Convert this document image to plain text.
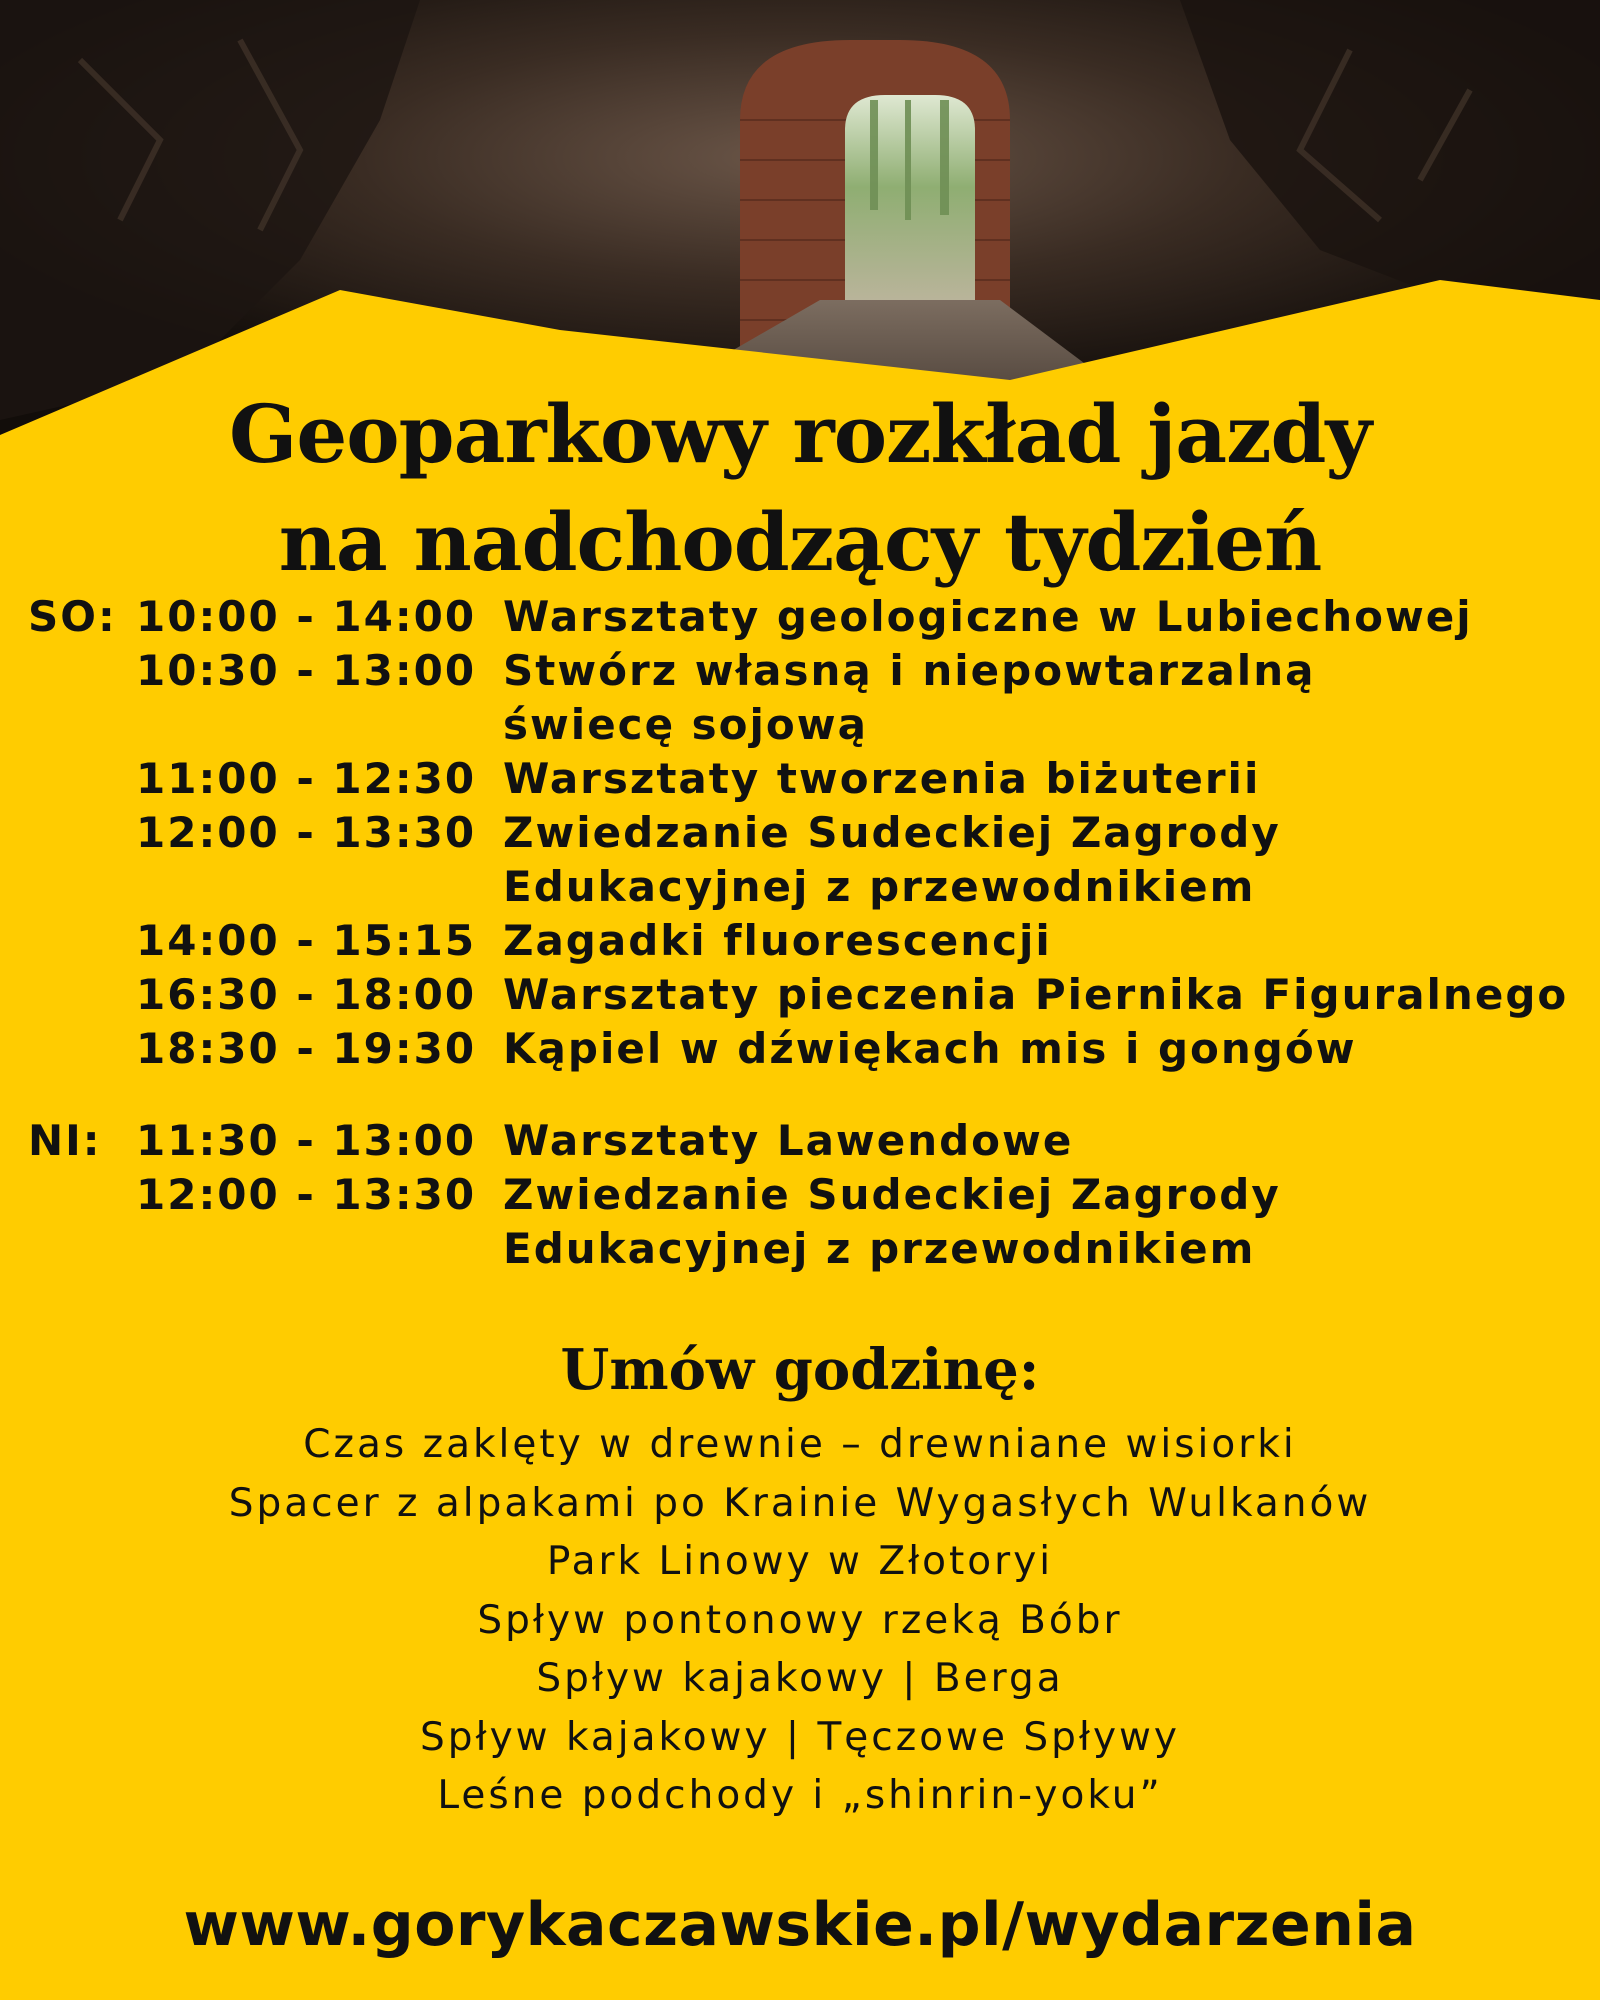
Geoparkowy rozkład jazdy
na nadchodzący tydzień
SO: 10:00 - 14:00 Warsztaty geologiczne w Lubiechowej
10:30 - 13:00 Stwórz własną i niepowtarzalną
świecę sojową
11:00 - 12:30 Warsztaty tworzenia biżuterii
12:00 - 13:30 Zwiedzanie Sudeckiej Zagrody
Edukacyjnej z przewodnikiem
14:00 - 15:15 Zagadki fluorescencji
16:30 - 18:00 Warsztaty pieczenia Piernika Figuralnego
18:30 - 19:30 Kąpiel w dźwiękach mis i gongów
NI: 11:30 - 13:00 Warsztaty Lawendowe
12:00 - 13:30 Zwiedzanie Sudeckiej Zagrody
Edukacyjnej z przewodnikiem
Umów godzinę:
Czas zaklęty w drewnie – drewniane wisiorki
Spacer z alpakami po Krainie Wygasłych Wulkanów
Park Linowy w Złotoryi
Spływ pontonowy rzeką Bóbr
Spływ kajakowy | Berga
Spływ kajakowy | Tęczowe Spływy
Leśne podchody i „shinrin-yoku”
www.gorykaczawskie.pl/wydarzenia
